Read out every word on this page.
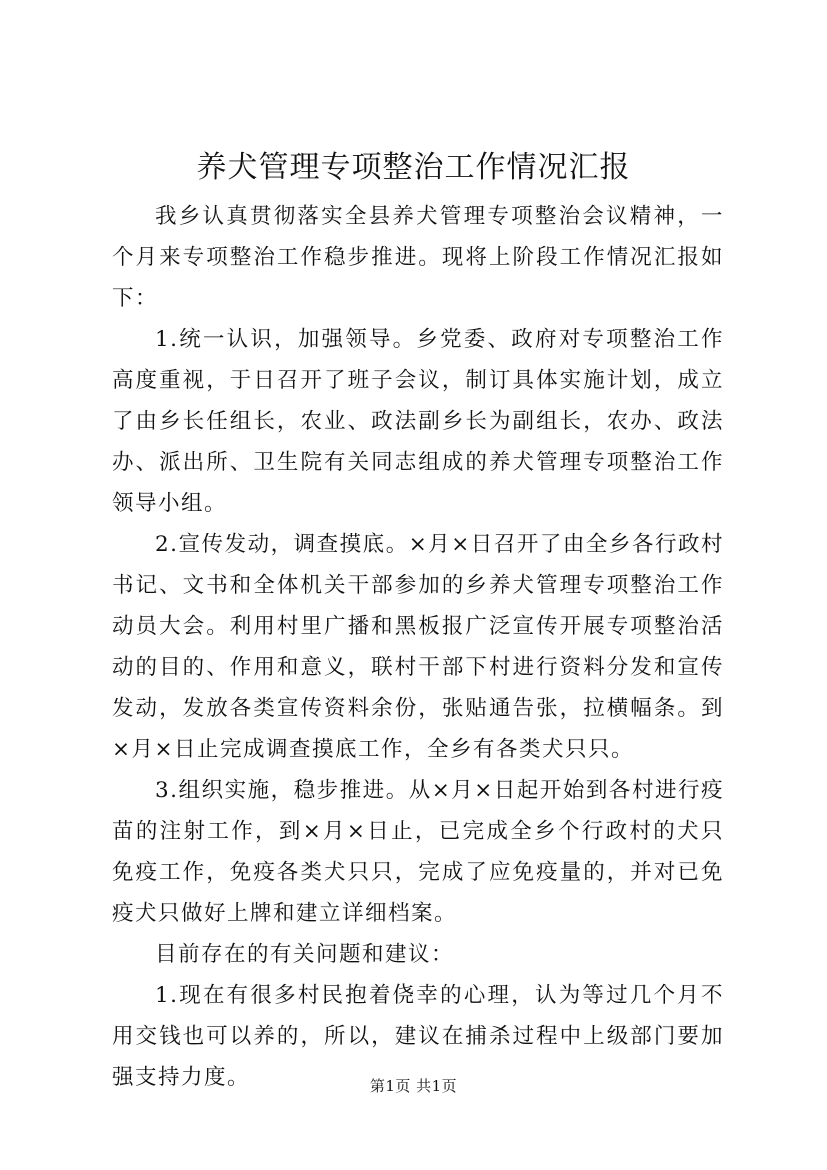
养犬管理专项整治工作情况汇报

我乡认真贯彻落实全县养犬管理专项整治会议精神，一个月来专项整治工作稳步推进。现将上阶段工作情况汇报如下：

1.统一认识，加强领导。乡党委、政府对专项整治工作高度重视，于日召开了班子会议，制订具体实施计划，成立了由乡长任组长，农业、政法副乡长为副组长，农办、政法办、派出所、卫生院有关同志组成的养犬管理专项整治工作领导小组。

2.宣传发动，调查摸底。×月×日召开了由全乡各行政村书记、文书和全体机关干部参加的乡养犬管理专项整治工作动员大会。利用村里广播和黑板报广泛宣传开展专项整治活动的目的、作用和意义，联村干部下村进行资料分发和宣传发动，发放各类宣传资料余份，张贴通告张，拉横幅条。到×月×日止完成调查摸底工作，全乡有各类犬只只。

3.组织实施，稳步推进。从×月×日起开始到各村进行疫苗的注射工作，到×月×日止，已完成全乡个行政村的犬只免疫工作，免疫各类犬只只，完成了应免疫量的，并对已免疫犬只做好上牌和建立详细档案。

目前存在的有关问题和建议：

1.现在有很多村民抱着侥幸的心理，认为等过几个月不用交钱也可以养的，所以，建议在捕杀过程中上级部门要加强支持力度。	第1页 共1页
